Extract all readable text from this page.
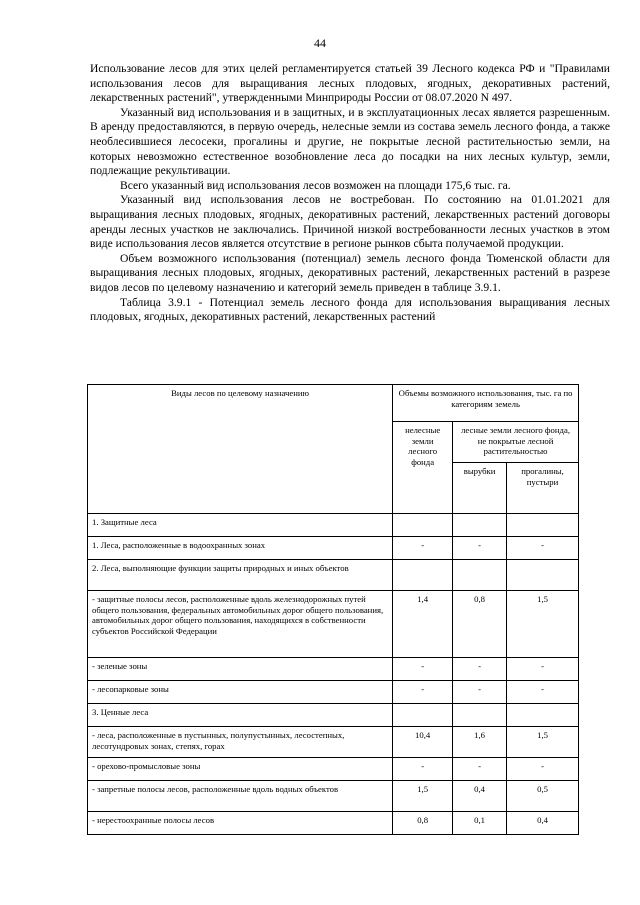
44

Использование лесов для этих целей регламентируется статьей 39 Лесного кодекса РФ и "Правилами использования лесов для выращивания лесных плодовых, ягодных, декоративных растений, лекарственных растений", утвержденными Минприроды России от 08.07.2020 N 497.

Указанный вид использования и в защитных, и в эксплуатационных лесах является разрешенным. В аренду предоставляются, в первую очередь, нелесные земли из состава земель лесного фонда, а также необлесившиеся лесосеки, прогалины и другие, не покрытые лесной растительностью земли, на которых невозможно естественное возобновление леса до посадки на них лесных культур, земли, подлежащие рекультивации.

Всего указанный вид использования лесов возможен на площади 175,6 тыс. га.

Указанный вид использования лесов не востребован. По состоянию на 01.01.2021 для выращивания лесных плодовых, ягодных, декоративных растений, лекарственных растений договоры аренды лесных участков не заключались. Причиной низкой востребованности лесных участков в этом виде использования лесов является отсутствие в регионе рынков сбыта получаемой продукции.

Объем возможного использования (потенциал) земель лесного фонда Тюменской области для выращивания лесных плодовых, ягодных, декоративных растений, лекарственных растений в разрезе видов лесов по целевому назначению и категорий земель приведен в таблице 3.9.1.

Таблица 3.9.1 - Потенциал земель лесного фонда для использования выращивания лесных плодовых, ягодных, декоративных растений, лекарственных растений

Виды лесов по целевому назначению	Объемы возможного использования, тыс. га по категориям земель		
	нелесные земли лесного фонда	лесные земли лесного фонда, не покрытые лесной растительностью	
		вырубки	прогалины, пустыри
1. Защитные леса			
1. Леса, расположенные в водоохранных зонах	-	-	-
2. Леса, выполняющие функции защиты природных и иных объектов			
- защитные полосы лесов, расположенные вдоль железнодорожных путей общего пользования, федеральных автомобильных дорог общего пользования, автомобильных дорог общего пользования, находящихся в собственности субъектов Российской Федерации	1,4	0,8	1,5
- зеленые зоны	-	-	-
- лесопарковые зоны	-	-	-
3. Ценные леса			
- леса, расположенные в пустынных, полупустынных, лесостепных, лесотундровых зонах, степях, горах	10,4	1,6	1,5
- орехово-промысловые зоны	-	-	-
- запретные полосы лесов, расположенные вдоль водных объектов	1,5	0,4	0,5
- нерестоохранные полосы лесов	0,8	0,1	0,4
